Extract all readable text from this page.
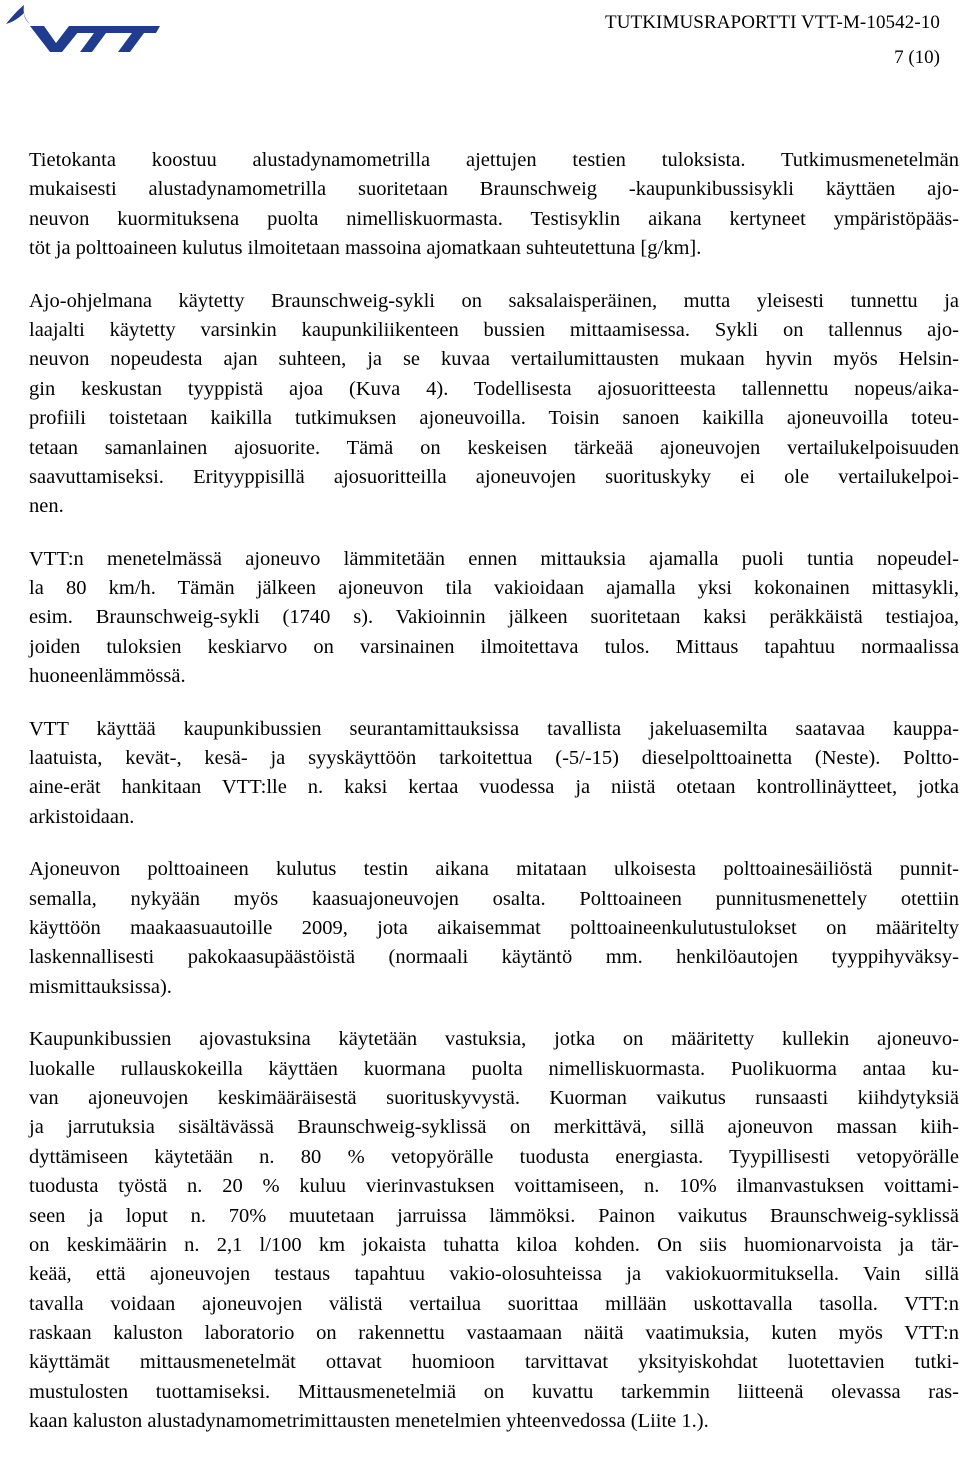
TUTKIMUSRAPORTTI VTT-M-10542-10
7 (10)
Tietokanta koostuu alustadynamometrilla ajettujen testien tuloksista. Tutkimusmenetelmän
mukaisesti alustadynamometrilla suoritetaan Braunschweig -kaupunkibussisykli käyttäen ajo-
neuvon kuormituksena puolta nimelliskuormasta. Testisyklin aikana kertyneet ympäristöpääs-
töt ja polttoaineen kulutus ilmoitetaan massoina ajomatkaan suhteutettuna [g/km].
Ajo-ohjelmana käytetty Braunschweig-sykli on saksalaisperäinen, mutta yleisesti tunnettu ja
laajalti käytetty varsinkin kaupunkiliikenteen bussien mittaamisessa. Sykli on tallennus ajo-
neuvon nopeudesta ajan suhteen, ja se kuvaa vertailumittausten mukaan hyvin myös Helsin-
gin keskustan tyyppistä ajoa (Kuva 4). Todellisesta ajosuoritteesta tallennettu nopeus/aika-
profiili toistetaan kaikilla tutkimuksen ajoneuvoilla. Toisin sanoen kaikilla ajoneuvoilla toteu-
tetaan samanlainen ajosuorite. Tämä on keskeisen tärkeää ajoneuvojen vertailukelpoisuuden
saavuttamiseksi. Erityyppisillä ajosuoritteilla ajoneuvojen suorituskyky ei ole vertailukelpoi-
nen.
VTT:n menetelmässä ajoneuvo lämmitetään ennen mittauksia ajamalla puoli tuntia nopeudel-
la 80 km/h. Tämän jälkeen ajoneuvon tila vakioidaan ajamalla yksi kokonainen mittasykli,
esim. Braunschweig-sykli (1740 s). Vakioinnin jälkeen suoritetaan kaksi peräkkäistä testiajoa,
joiden tuloksien keskiarvo on varsinainen ilmoitettava tulos. Mittaus tapahtuu normaalissa
huoneenlämmössä.
VTT käyttää kaupunkibussien seurantamittauksissa tavallista jakeluasemilta saatavaa kauppa-
laatuista, kevät-, kesä- ja syyskäyttöön tarkoitettua (-5/-15) dieselpolttoainetta (Neste). Poltto-
aine-erät hankitaan VTT:lle n. kaksi kertaa vuodessa ja niistä otetaan kontrollinäytteet, jotka
arkistoidaan.
Ajoneuvon polttoaineen kulutus testin aikana mitataan ulkoisesta polttoainesäiliöstä punnit-
semalla, nykyään myös kaasuajoneuvojen osalta. Polttoaineen punnitusmenettely otettiin
käyttöön maakaasuautoille 2009, jota aikaisemmat polttoaineenkulutustulokset on määritelty
laskennallisesti pakokaasupäästöistä (normaali käytäntö mm. henkilöautojen tyyppihyväksy-
mismittauksissa).
Kaupunkibussien ajovastuksina käytetään vastuksia, jotka on määritetty kullekin ajoneuvo-
luokalle rullauskokeilla käyttäen kuormana puolta nimelliskuormasta. Puolikuorma antaa ku-
van ajoneuvojen keskimääräisestä suorituskyvystä. Kuorman vaikutus runsaasti kiihdytyksiä
ja jarrutuksia sisältävässä Braunschweig-syklissä on merkittävä, sillä ajoneuvon massan kiih-
dyttämiseen käytetään n. 80 % vetopyörälle tuodusta energiasta. Tyypillisesti vetopyörälle
tuodusta työstä n. 20 % kuluu vierinvastuksen voittamiseen, n. 10% ilmanvastuksen voittami-
seen ja loput n. 70% muutetaan jarruissa lämmöksi. Painon vaikutus Braunschweig-syklissä
on keskimäärin n. 2,1 l/100 km jokaista tuhatta kiloa kohden. On siis huomionarvoista ja tär-
keää, että ajoneuvojen testaus tapahtuu vakio-olosuhteissa ja vakiokuormituksella. Vain sillä
tavalla voidaan ajoneuvojen välistä vertailua suorittaa millään uskottavalla tasolla. VTT:n
raskaan kaluston laboratorio on rakennettu vastaamaan näitä vaatimuksia, kuten myös VTT:n
käyttämät mittausmenetelmät ottavat huomioon tarvittavat yksityiskohdat luotettavien tutki-
mustulosten tuottamiseksi. Mittausmenetelmiä on kuvattu tarkemmin liitteenä olevassa ras-
kaan kaluston alustadynamometrimittausten menetelmien yhteenvedossa (Liite 1.).
